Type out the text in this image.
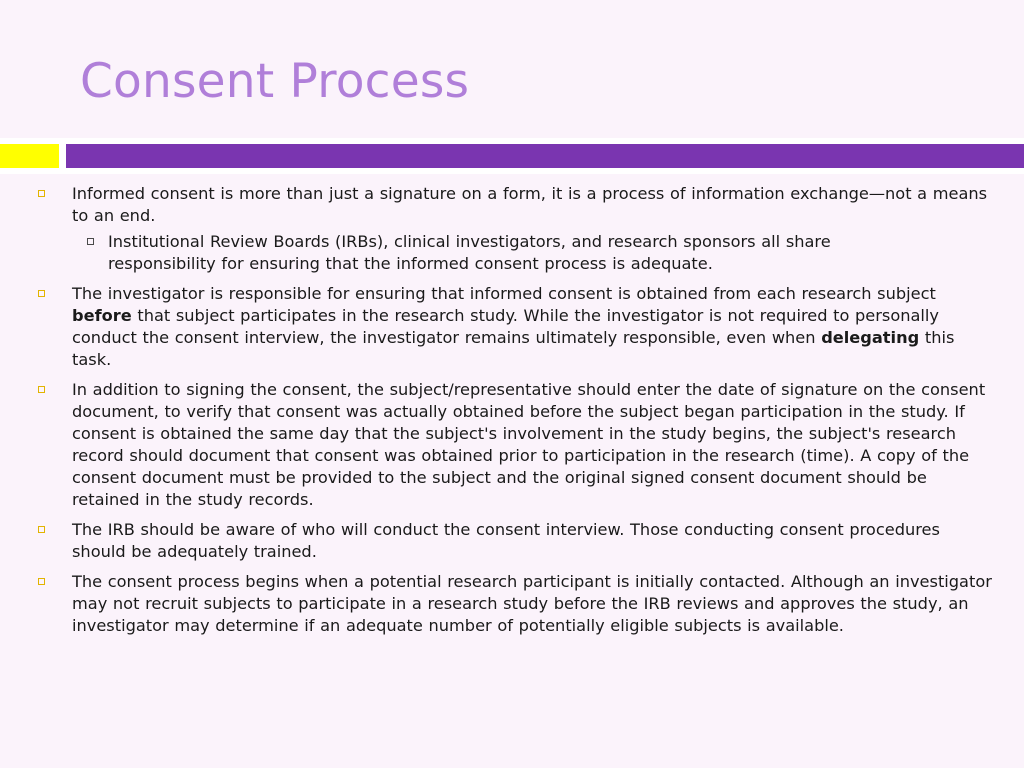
Consent Process
Informed consent is more than just a signature on a form, it is a process of information exchange—not a means to an end.
Institutional Review Boards (IRBs), clinical investigators, and research sponsors all share responsibility for ensuring that the informed consent process is adequate.
The investigator is responsible for ensuring that informed consent is obtained from each research subject before that subject participates in the research study. While the investigator is not required to personally conduct the consent interview, the investigator remains ultimately responsible, even when delegating this task.
In addition to signing the consent, the subject/representative should enter the date of signature on the consent document, to verify that consent was actually obtained before the subject began participation in the study. If consent is obtained the same day that the subject's involvement in the study begins, the subject's research record should document that consent was obtained prior to participation in the research (time). A copy of the consent document must be provided to the subject and the original signed consent document should be retained in the study records.
The IRB should be aware of who will conduct the consent interview. Those conducting consent procedures should be adequately trained.
The consent process begins when a potential research participant is initially contacted. Although an investigator may not recruit subjects to participate in a research study before the IRB reviews and approves the study, an investigator may determine if an adequate number of potentially eligible subjects is available.
